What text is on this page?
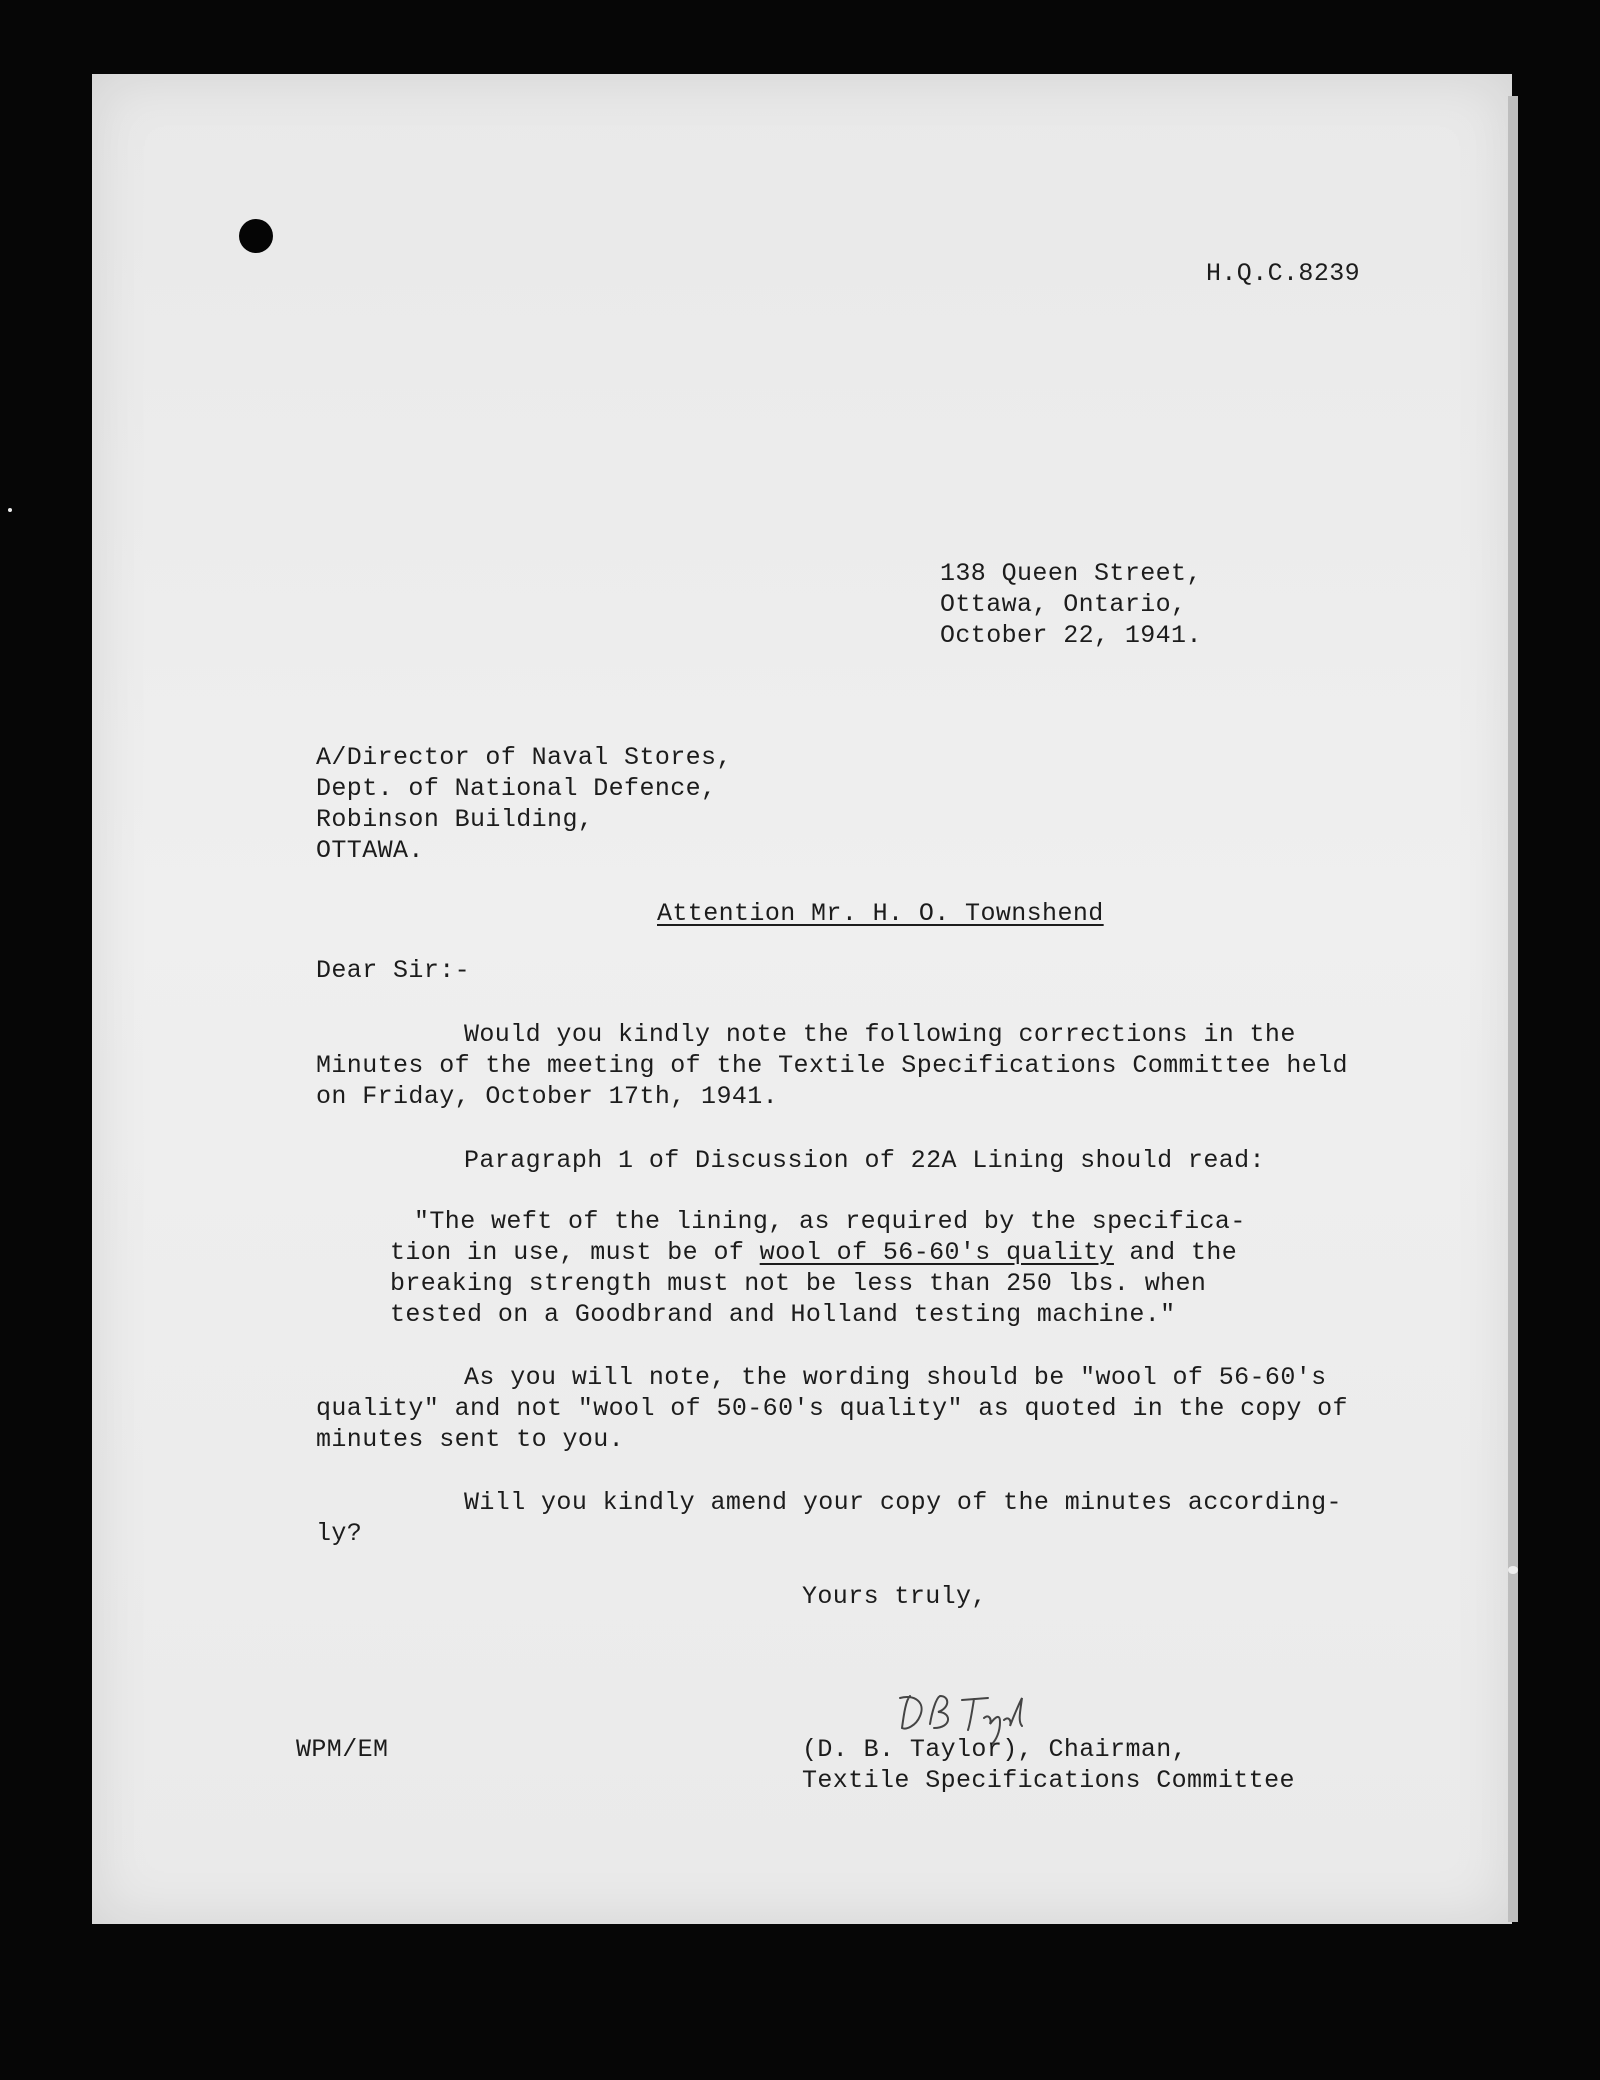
H.Q.C.8239

138 Queen Street,

Ottawa, Ontario,

October 22, 1941.

A/Director of Naval Stores,

Dept. of National Defence,

Robinson Building,

OTTAWA.

Attention Mr. H. O. Townshend

Dear Sir:-

Would you kindly note the following corrections in the

Minutes of the meeting of the Textile Specifications Committee held

on Friday, October 17th, 1941.

Paragraph 1 of Discussion of 22A Lining should read:

"The weft of the lining, as required by the specifica-

tion in use, must be of wool of 56-60's quality and the

breaking strength must not be less than 250 lbs. when

tested on a Goodbrand and Holland testing machine."

As you will note, the wording should be "wool of 56-60's

quality" and not "wool of 50-60's quality" as quoted in the copy of

minutes sent to you.

Will you kindly amend your copy of the minutes according-

ly?

Yours truly,

WPM/EM	(D. B. Taylor), Chairman,

Textile Specifications Committee
